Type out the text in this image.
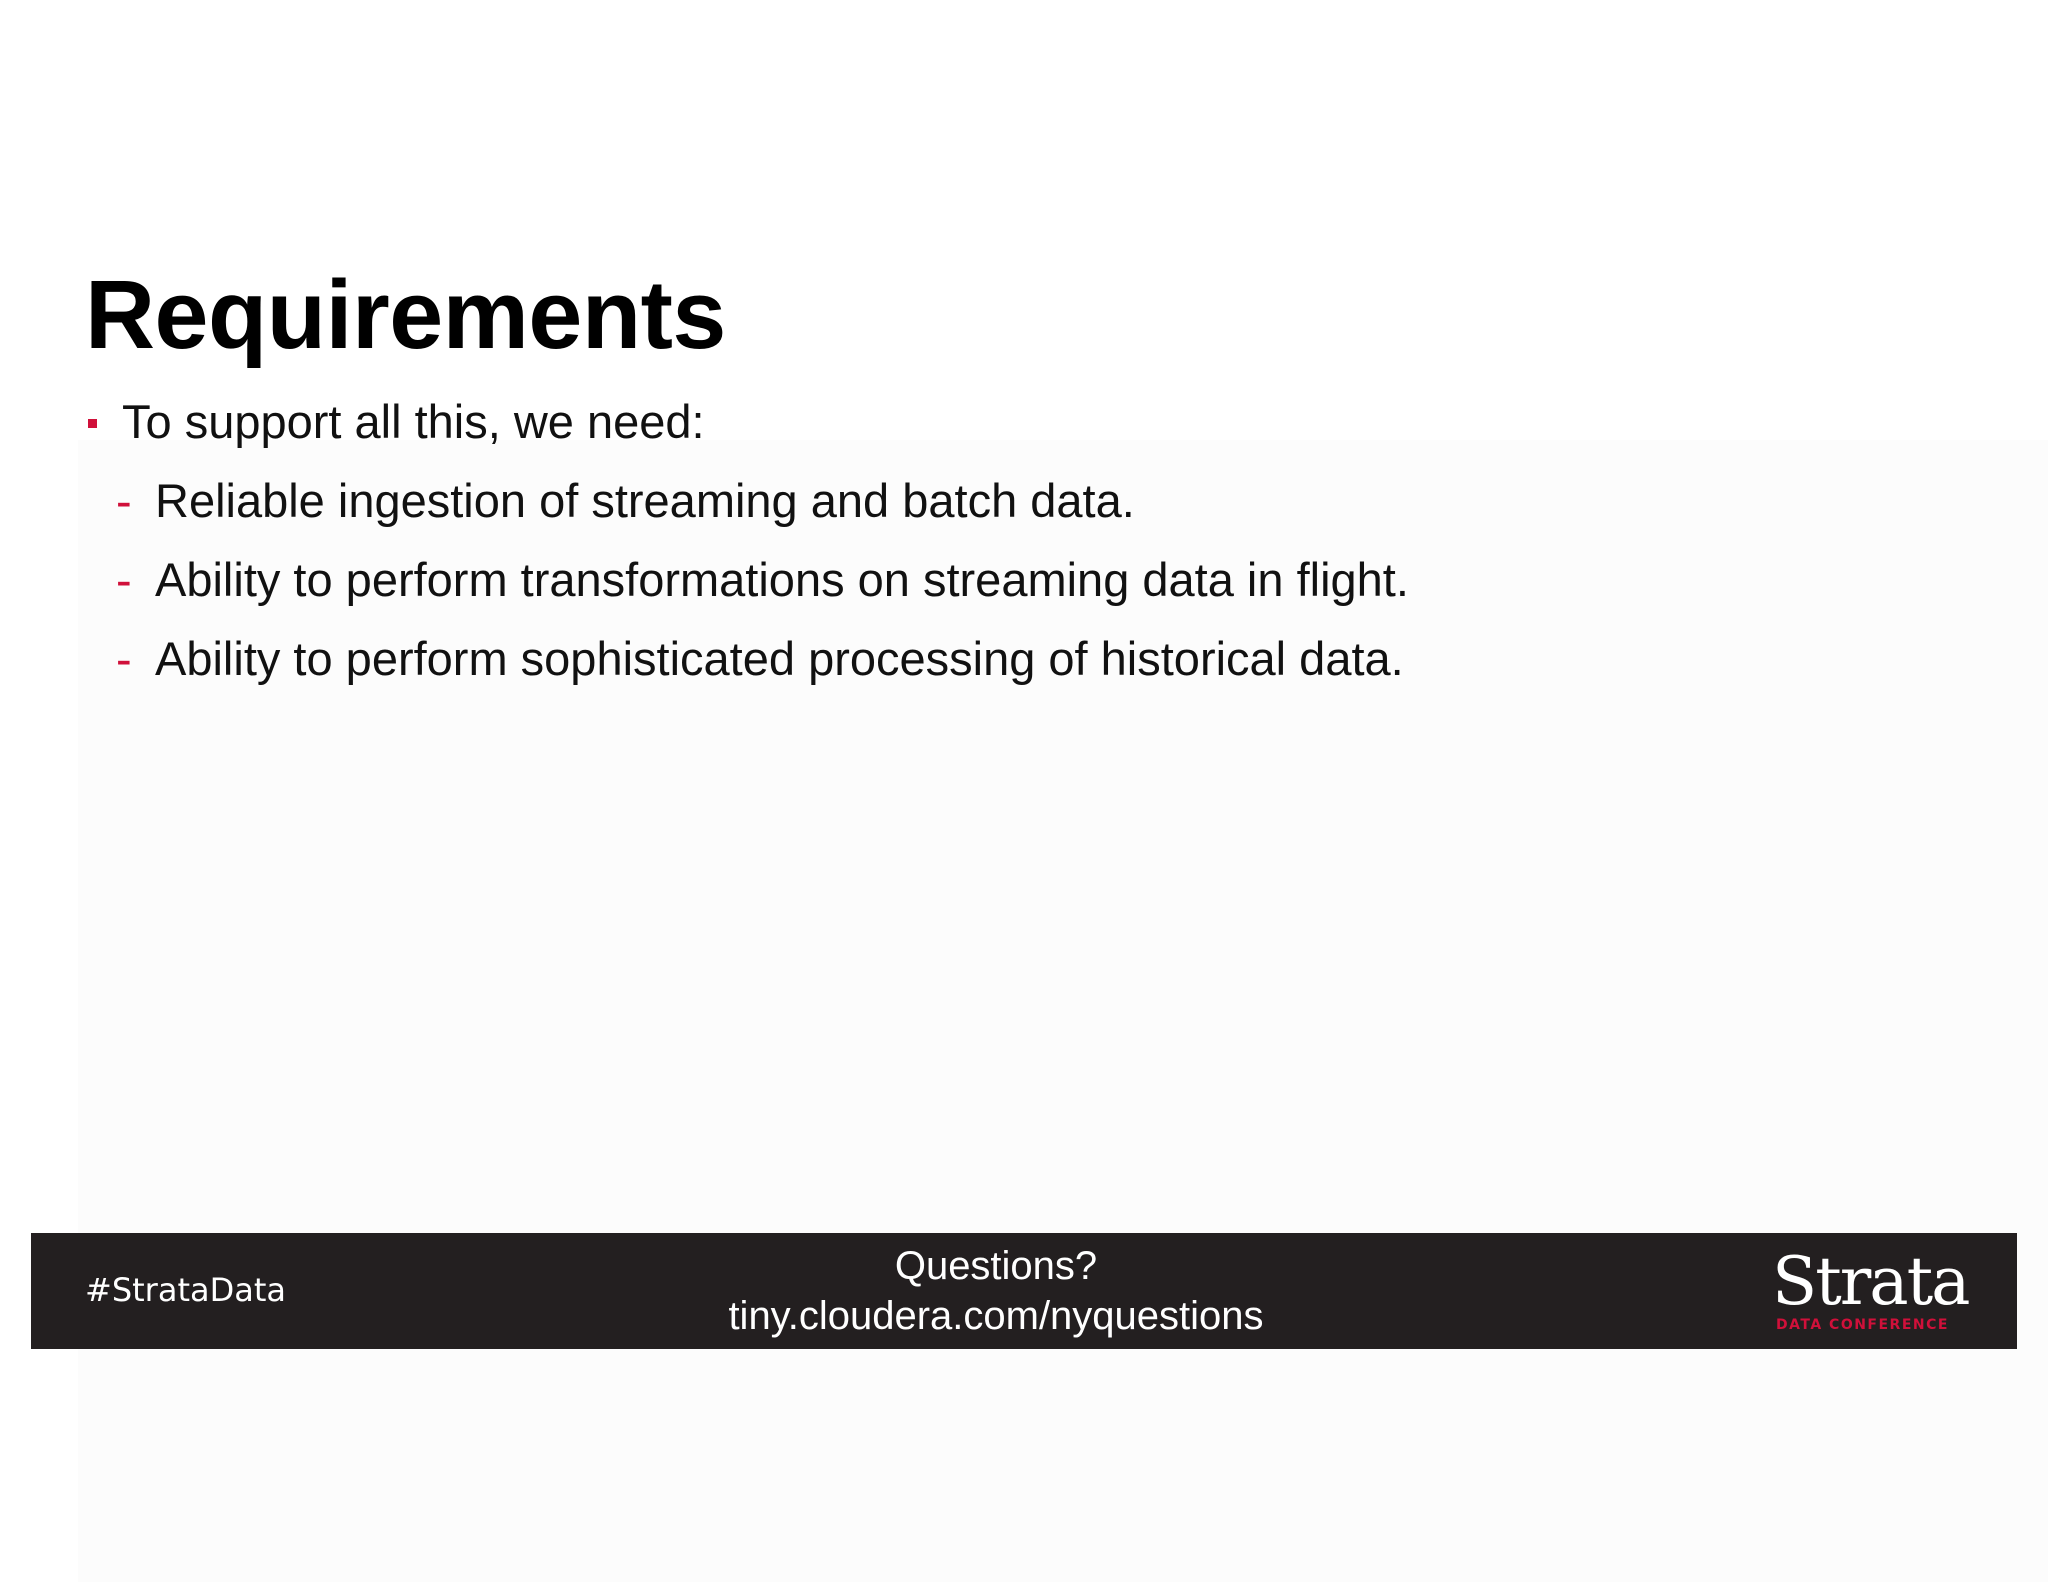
Requirements
To support all this, we need:
- Reliable ingestion of streaming and batch data.
- Ability to perform transformations on streaming data in flight.
- Ability to perform sophisticated processing of historical data.
#StrataData
Questions?
tiny.cloudera.com/nyquestions	Strata
DATA CONFERENCE
